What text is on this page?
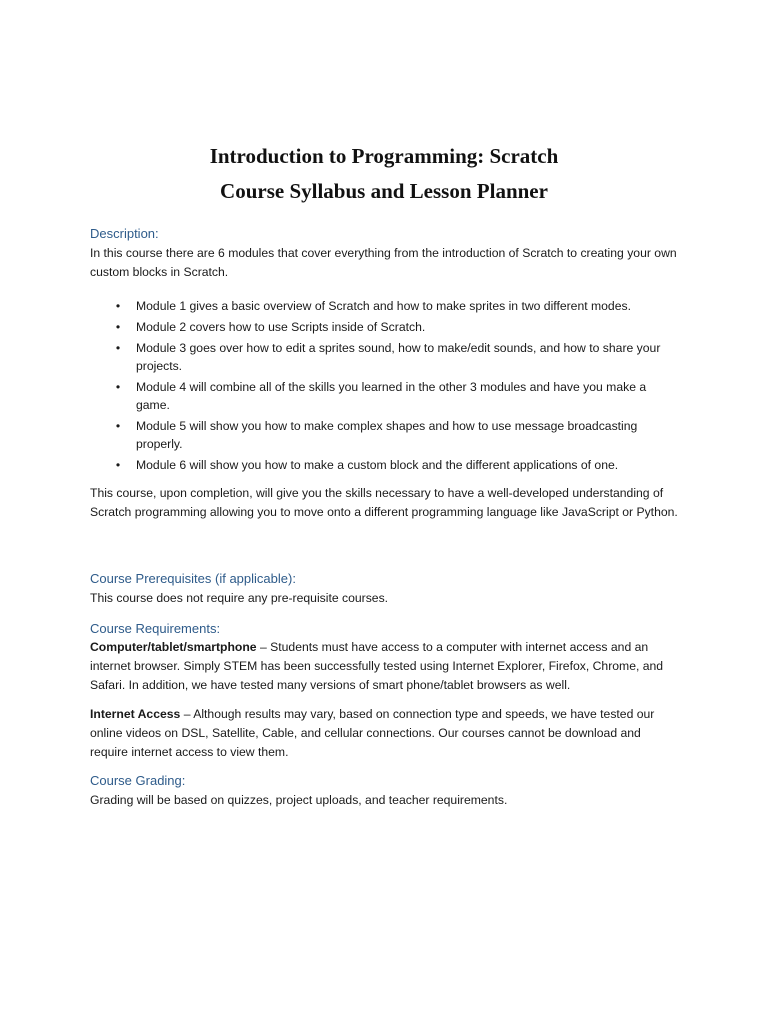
Introduction to Programming: Scratch
Course Syllabus and Lesson Planner
Description:
In this course there are 6 modules that cover everything from the introduction of Scratch to creating your own custom blocks in Scratch.
•	Module 1 gives a basic overview of Scratch and how to make sprites in two different modes.
•	Module 2 covers how to use Scripts inside of Scratch.
•	Module 3 goes over how to edit a sprites sound, how to make/edit sounds, and how to share your projects.
•	Module 4 will combine all of the skills you learned in the other 3 modules and have you make a game.
•	Module 5 will show you how to make complex shapes and how to use message broadcasting properly.
•	Module 6 will show you how to make a custom block and the different applications of one.
This course, upon completion, will give you the skills necessary to have a well-developed understanding of Scratch programming allowing you to move onto a different programming language like JavaScript or Python.
Course Prerequisites (if applicable):
This course does not require any pre-requisite courses.
Course Requirements:
Computer/tablet/smartphone – Students must have access to a computer with internet access and an internet browser. Simply STEM has been successfully tested using Internet Explorer, Firefox, Chrome, and Safari. In addition, we have tested many versions of smart phone/tablet browsers as well.
Internet Access – Although results may vary, based on connection type and speeds, we have tested our online videos on DSL, Satellite, Cable, and cellular connections. Our courses cannot be download and require internet access to view them.
Course Grading:
Grading will be based on quizzes, project uploads, and teacher requirements.
